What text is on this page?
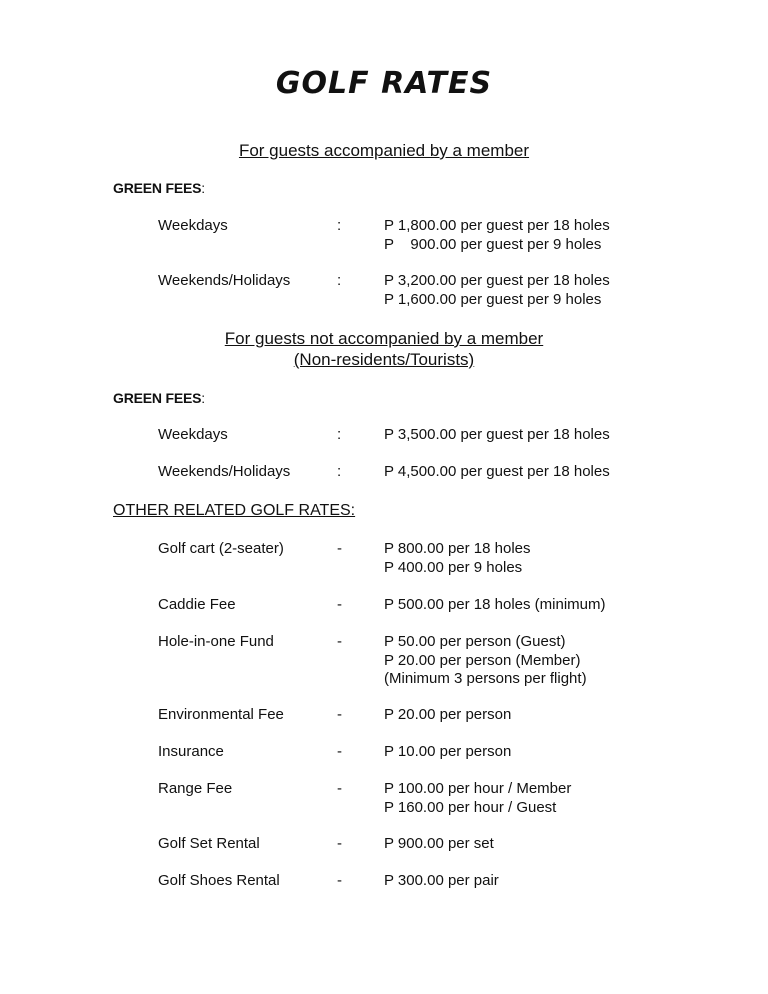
GOLF RATES
For guests accompanied by a member
GREEN FEES:
Weekdays	:	P 1,800.00 per guest per 18 holes
P    900.00 per guest per 9 holes
Weekends/Holidays	:	P 3,200.00 per guest per 18 holes
P 1,600.00 per guest per 9 holes
For guests not accompanied by a member
(Non-residents/Tourists)
GREEN FEES:
Weekdays	:	P 3,500.00 per guest per 18 holes
Weekends/Holidays	:	P 4,500.00 per guest per 18 holes
OTHER RELATED GOLF RATES:
Golf cart (2-seater)	-	P 800.00 per 18 holes
P 400.00 per 9 holes
Caddie Fee	-	P 500.00 per 18 holes (minimum)
Hole-in-one Fund	-	P 50.00 per person (Guest)
P 20.00 per person (Member)
(Minimum 3 persons per flight)
Environmental Fee	-	P 20.00 per person
Insurance	-	P 10.00 per person
Range Fee	-	P 100.00 per hour / Member
P 160.00 per hour / Guest
Golf Set Rental	-	P 900.00 per set
Golf Shoes Rental	-	P 300.00 per pair
